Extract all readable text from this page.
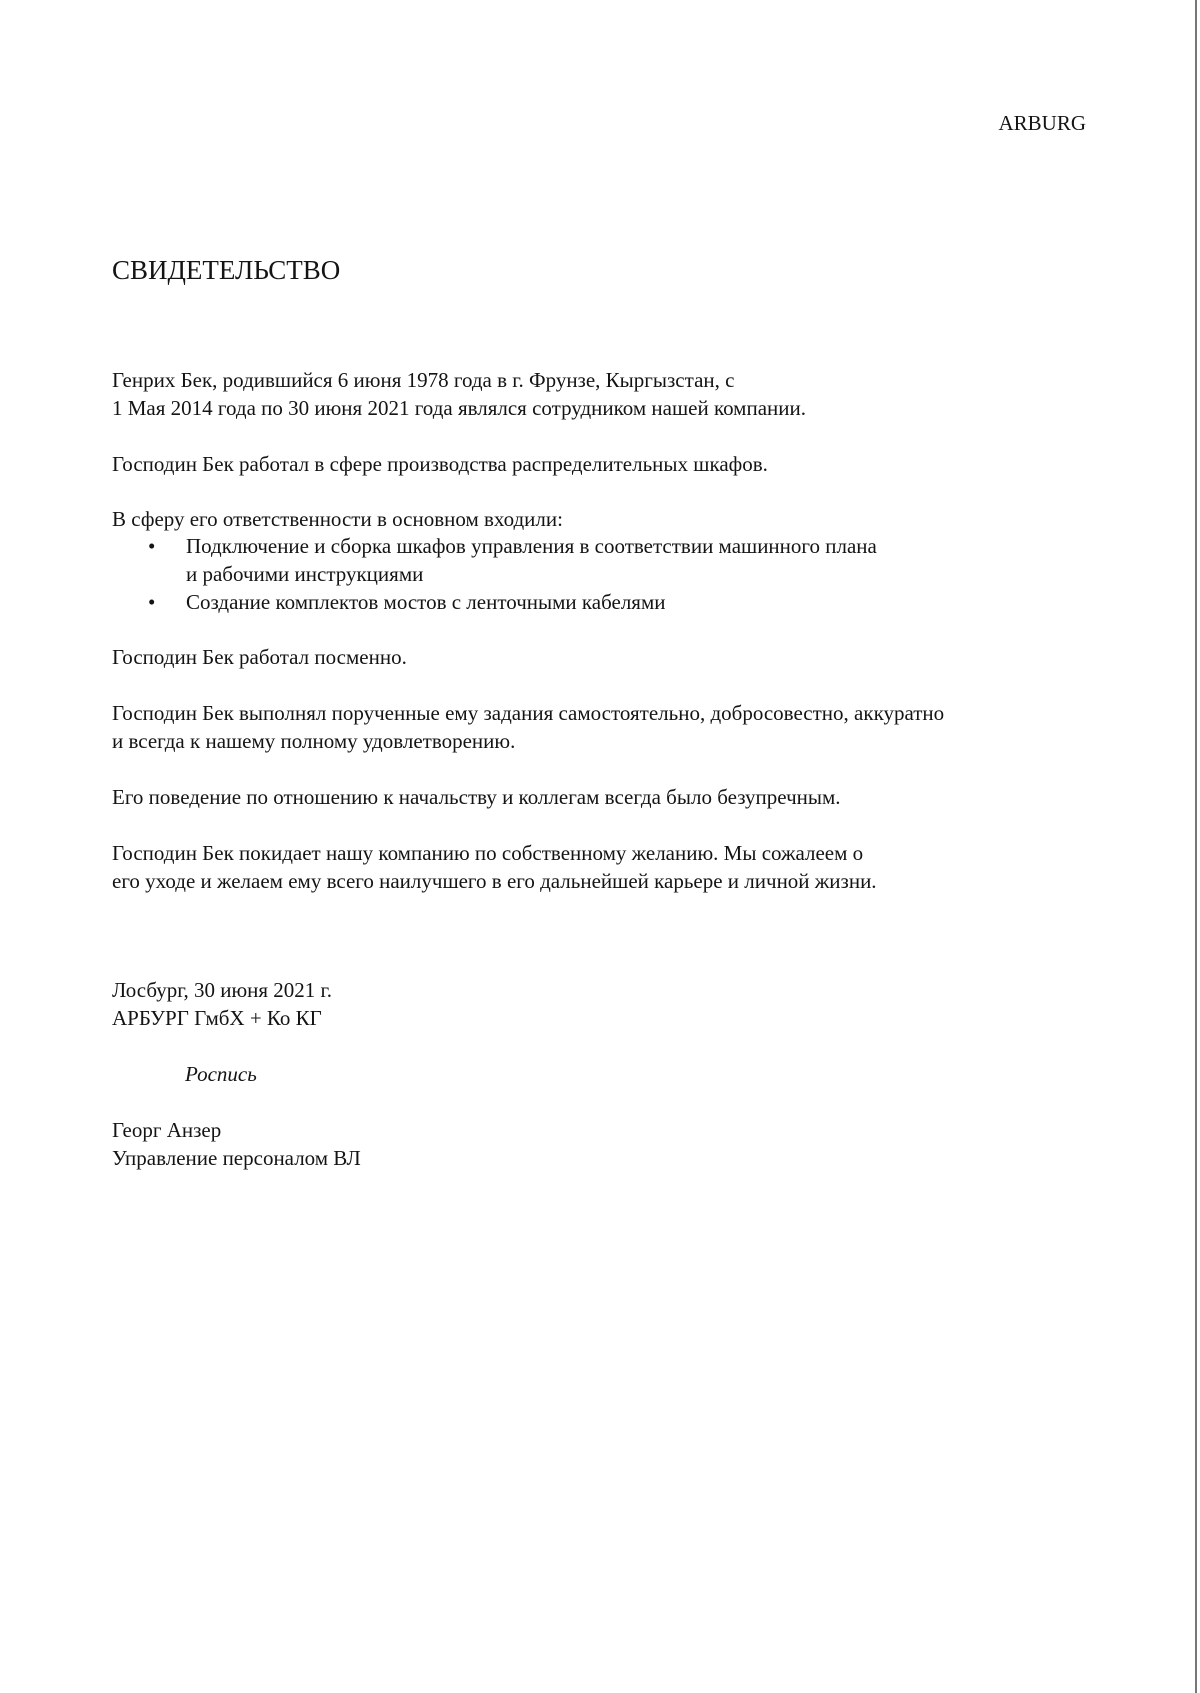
ARBURG
СВИДЕТЕЛЬСТВО
Генрих Бек, родившийся 6 июня 1978 года в г. Фрунзе, Кыргызстан, с
1 Мая 2014 года по 30 июня 2021 года являлся сотрудником нашей компании.
Господин Бек работал в сфере производства распределительных шкафов.
В сферу его ответственности в основном входили:
• Подключение и сборка шкафов управления в соответствии машинного плана
и рабочими инструкциями
• Создание комплектов мостов с ленточными кабелями
Господин Бек работал посменно.
Господин Бек выполнял порученные ему задания самостоятельно, добросовестно, аккуратно
и всегда к нашему полному удовлетворению.
Его поведение по отношению к начальству и коллегам всегда было безупречным.
Господин Бек покидает нашу компанию по собственному желанию. Мы сожалеем о
его уходе и желаем ему всего наилучшего в его дальнейшей карьере и личной жизни.
Лосбург, 30 июня 2021 г.
АРБУРГ ГмбХ + Ко КГ
Роспись
Георг Анзер
Управление персоналом ВЛ
